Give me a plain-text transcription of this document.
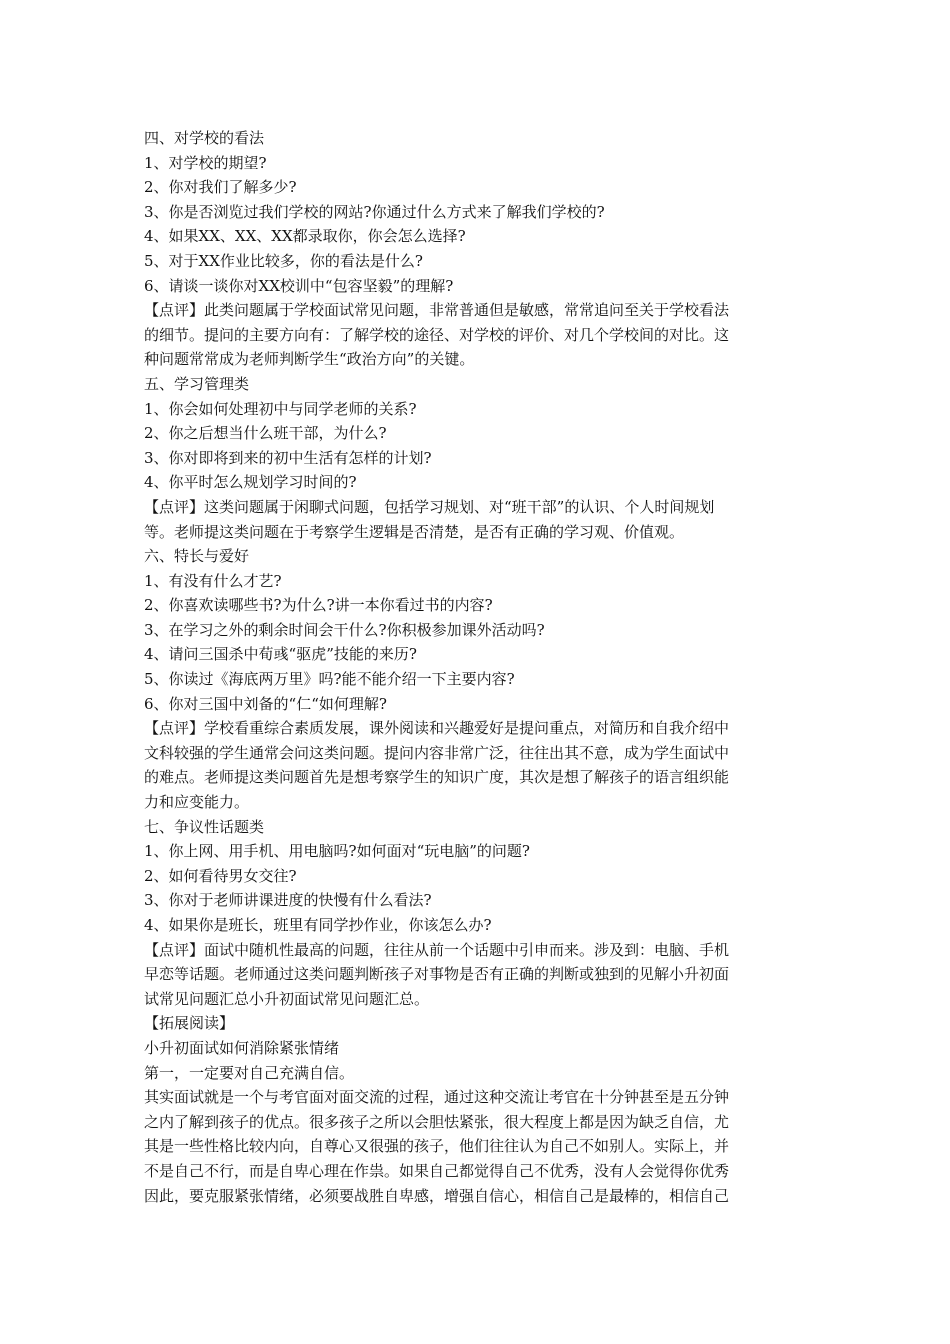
四、对学校的看法
1、对学校的期望?
2、你对我们了解多少?
3、你是否浏览过我们学校的网站?你通过什么方式来了解我们学校的?
4、如果XX、XX、XX都录取你，你会怎么选择?
5、对于XX作业比较多，你的看法是什么?
6、请谈一谈你对XX校训中“包容坚毅”的理解?
【点评】此类问题属于学校面试常见问题，非常普通但是敏感，常常追问至关于学校看法
的细节。提问的主要方向有：了解学校的途径、对学校的评价、对几个学校间的对比。这
种问题常常成为老师判断学生“政治方向”的关键。
五、学习管理类
1、你会如何处理初中与同学老师的关系?
2、你之后想当什么班干部，为什么?
3、你对即将到来的初中生活有怎样的计划?
4、你平时怎么规划学习时间的?
【点评】这类问题属于闲聊式问题，包括学习规划、对“班干部”的认识、个人时间规划
等。老师提这类问题在于考察学生逻辑是否清楚，是否有正确的学习观、价值观。
六、特长与爱好
1、有没有什么才艺?
2、你喜欢读哪些书?为什么?讲一本你看过书的内容?
3、在学习之外的剩余时间会干什么?你积极参加课外活动吗?
4、请问三国杀中荀彧“驱虎”技能的来历?
5、你读过《海底两万里》吗?能不能介绍一下主要内容?
6、你对三国中刘备的“仁“如何理解?
【点评】学校看重综合素质发展，课外阅读和兴趣爱好是提问重点，对简历和自我介绍中
文科较强的学生通常会问这类问题。提问内容非常广泛，往往出其不意，成为学生面试中
的难点。老师提这类问题首先是想考察学生的知识广度，其次是想了解孩子的语言组织能
力和应变能力。
七、争议性话题类
1、你上网、用手机、用电脑吗?如何面对“玩电脑”的问题?
2、如何看待男女交往?
3、你对于老师讲课进度的快慢有什么看法?
4、如果你是班长，班里有同学抄作业，你该怎么办?
【点评】面试中随机性最高的问题，往往从前一个话题中引申而来。涉及到：电脑、手机
早恋等话题。老师通过这类问题判断孩子对事物是否有正确的判断或独到的见解小升初面
试常见问题汇总小升初面试常见问题汇总。
【拓展阅读】
小升初面试如何消除紧张情绪
第一，一定要对自己充满自信。
其实面试就是一个与考官面对面交流的过程，通过这种交流让考官在十分钟甚至是五分钟
之内了解到孩子的优点。很多孩子之所以会胆怯紧张，很大程度上都是因为缺乏自信，尤
其是一些性格比较内向，自尊心又很强的孩子，他们往往认为自己不如别人。实际上，并
不是自己不行，而是自卑心理在作祟。如果自己都觉得自己不优秀，没有人会觉得你优秀
因此，要克服紧张情绪，必须要战胜自卑感，增强自信心，相信自己是最棒的，相信自己
